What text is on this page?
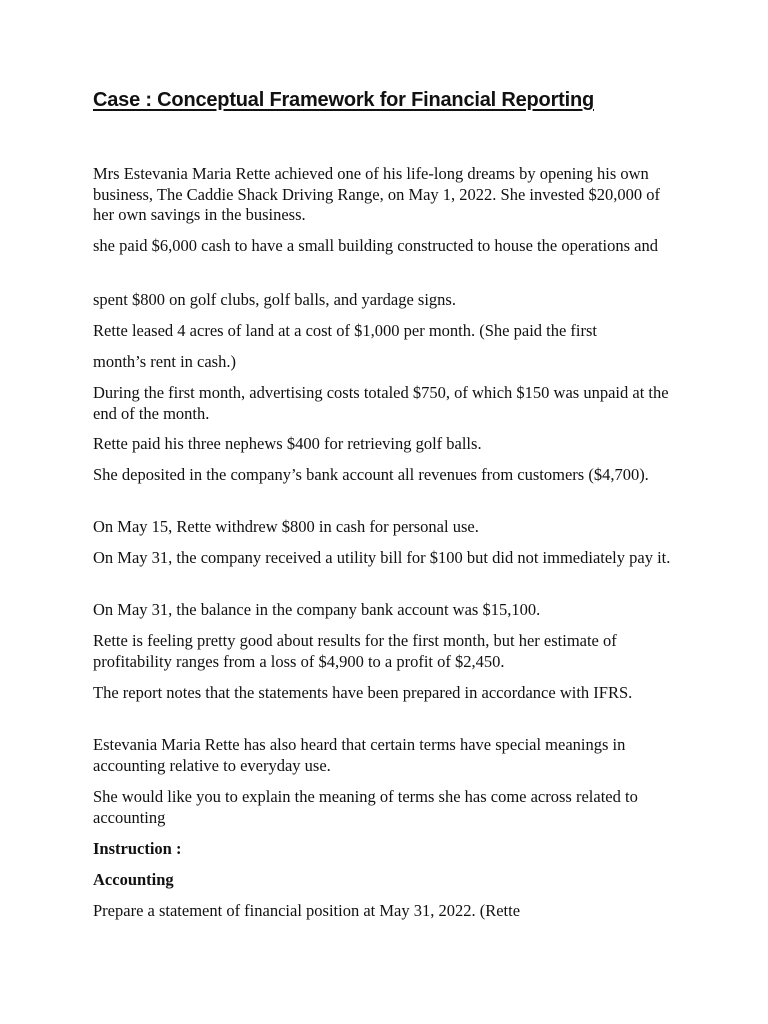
Case : Conceptual Framework for Financial Reporting

Mrs Estevania Maria Rette achieved one of his life-long dreams by opening his own business, The Caddie Shack Driving Range, on May 1, 2022. She invested $20,000 of her own savings in the business.

she paid $6,000 cash to have a small building constructed to house the operations and

spent $800 on golf clubs, golf balls, and yardage signs.

Rette leased 4 acres of land at a cost of $1,000 per month. (She paid the first

month’s rent in cash.)

During the first month, advertising costs totaled $750, of which $150 was unpaid at the end of the month.

Rette paid his three nephews $400 for retrieving golf balls.

She deposited in the company’s bank account all revenues from customers ($4,700).

On May 15, Rette withdrew $800 in cash for personal use.

On May 31, the company received a utility bill for $100 but did not immediately pay it.

On May 31, the balance in the company bank account was $15,100.

Rette is feeling pretty good about results for the first month, but her estimate of profitability ranges from a loss of $4,900 to a profit of $2,450.

The report notes that the statements have been prepared in accordance with IFRS.

Estevania Maria Rette has also heard that certain terms have special meanings in accounting relative to everyday use.

She would like you to explain the meaning of terms she has come across related to accounting

Instruction :

Accounting

Prepare a statement of financial position at May 31, 2022. (Rette
